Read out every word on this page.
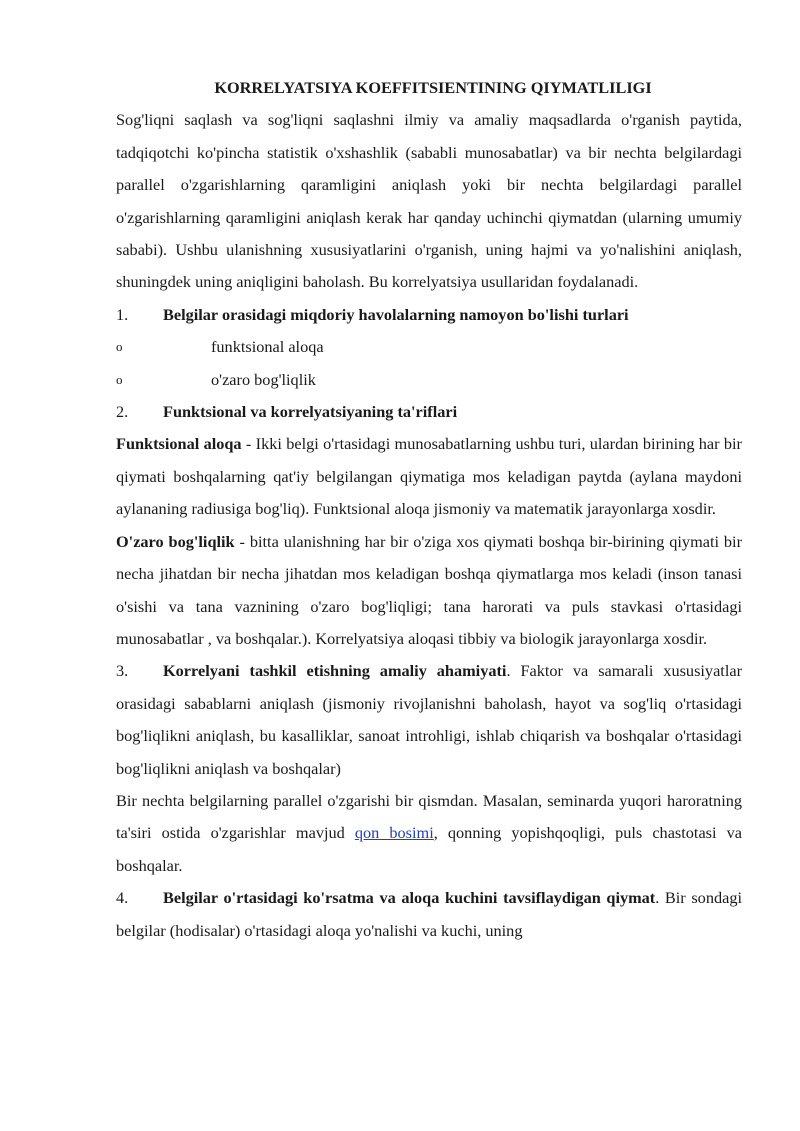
KORRELYATSIYA KOEFFITSIENTINING QIYMATLILIGI

Sog'liqni saqlash va sog'liqni saqlashni ilmiy va amaliy maqsadlarda o'rganish paytida, tadqiqotchi ko'pincha statistik o'xshashlik (sababli munosabatlar) va bir nechta belgilardagi parallel o'zgarishlarning qaramligini aniqlash yoki bir nechta belgilardagi parallel o'zgarishlarning qaramligini aniqlash kerak har qanday uchinchi qiymatdan (ularning umumiy sababi). Ushbu ulanishning xususiyatlarini o'rganish, uning hajmi va yo'nalishini aniqlash, shuningdek uning aniqligini baholash. Bu korrelyatsiya usullaridan foydalanadi.

1.	Belgilar orasidagi miqdoriy havolalarning namoyon bo'lishi turlari
o	funktsional aloqa
o	o'zaro bog'liqlik
2.	Funktsional va korrelyatsiyaning ta'riflari

Funktsional aloqa - Ikki belgi o'rtasidagi munosabatlarning ushbu turi, ulardan birining har bir qiymati boshqalarning qat'iy belgilangan qiymatiga mos keladigan paytda (aylana maydoni aylananing radiusiga bog'liq). Funktsional aloqa jismoniy va matematik jarayonlarga xosdir.

O'zaro bog'liqlik - bitta ulanishning har bir o'ziga xos qiymati boshqa bir-birining qiymati bir necha jihatdan bir necha jihatdan mos keladigan boshqa qiymatlarga mos keladi (inson tanasi o'sishi va tana vaznining o'zaro bog'liqligi; tana harorati va puls stavkasi o'rtasidagi munosabatlar , va boshqalar.). Korrelyatsiya aloqasi tibbiy va biologik jarayonlarga xosdir.

3. Korrelyani tashkil etishning amaliy ahamiyati. Faktor va samarali xususiyatlar orasidagi sabablarni aniqlash (jismoniy rivojlanishni baholash, hayot va sog'liq o'rtasidagi bog'liqlikni aniqlash, bu kasalliklar, sanoat introhligi, ishlab chiqarish va boshqalar o'rtasidagi bog'liqlikni aniqlash va boshqalar)

Bir nechta belgilarning parallel o'zgarishi bir qismdan. Masalan, seminarda yuqori haroratning ta'siri ostida o'zgarishlar mavjud qon bosimi, qonning yopishqoqligi, puls chastotasi va boshqalar.

4. Belgilar o'rtasidagi ko'rsatma va aloqa kuchini tavsiflaydigan qiymat. Bir sondagi belgilar (hodisalar) o'rtasidagi aloqa yo'nalishi va kuchi, uning
